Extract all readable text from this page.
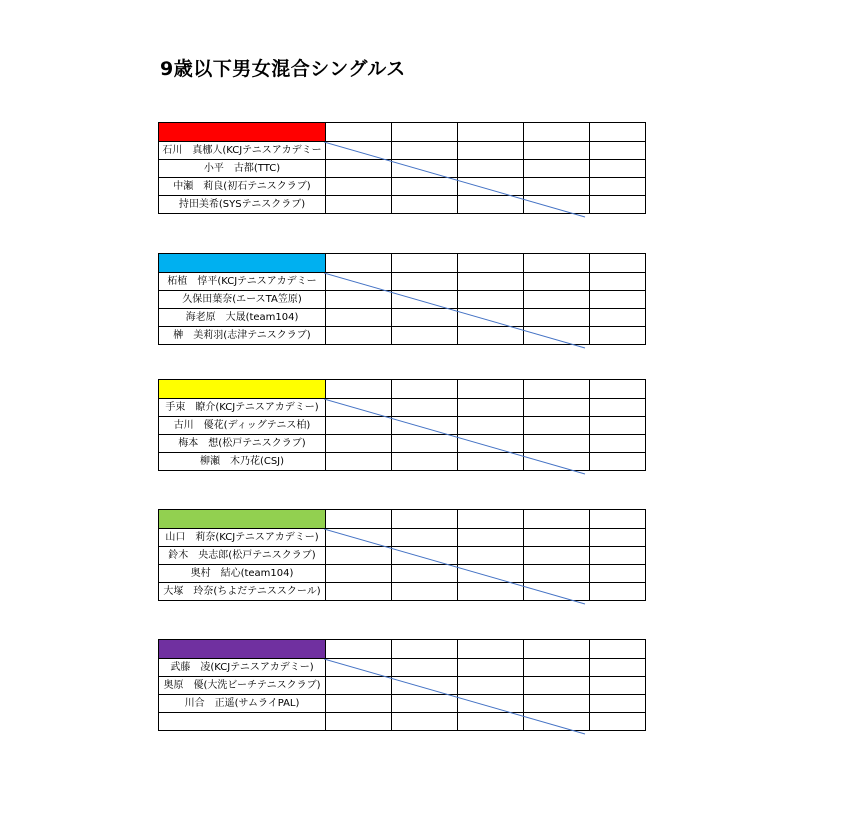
9歳以下男女混合シングルス

石川　真梛人(KCJテニスアカデミー					
小平　古都(TTC)					
中瀬　莉良(初石テニスクラブ)					
持田美希(SYSテニスクラブ)					

柘植　惇平(KCJテニスアカデミー					
久保田葉奈(エースTA笠原)					
海老原　大晟(team104)					
榊　美莉羽(志津テニスクラブ)					

手束　瞭介(KCJテニスアカデミー)					
古川　優花(ディッグテニス柏)					
梅本　想(松戸テニスクラブ)					
柳瀬　木乃花(CSJ)					

山口　莉奈(KCJテニスアカデミー)					
鈴木　央志郎(松戸テニスクラブ)					
奥村　結心(team104)					
大塚　玲奈(ちよだテニススクール)					

武藤　凌(KCJテニスアカデミー)					
奥原　優(大洗ビーチテニスクラブ)					
川合　正遥(サムライPAL)					
